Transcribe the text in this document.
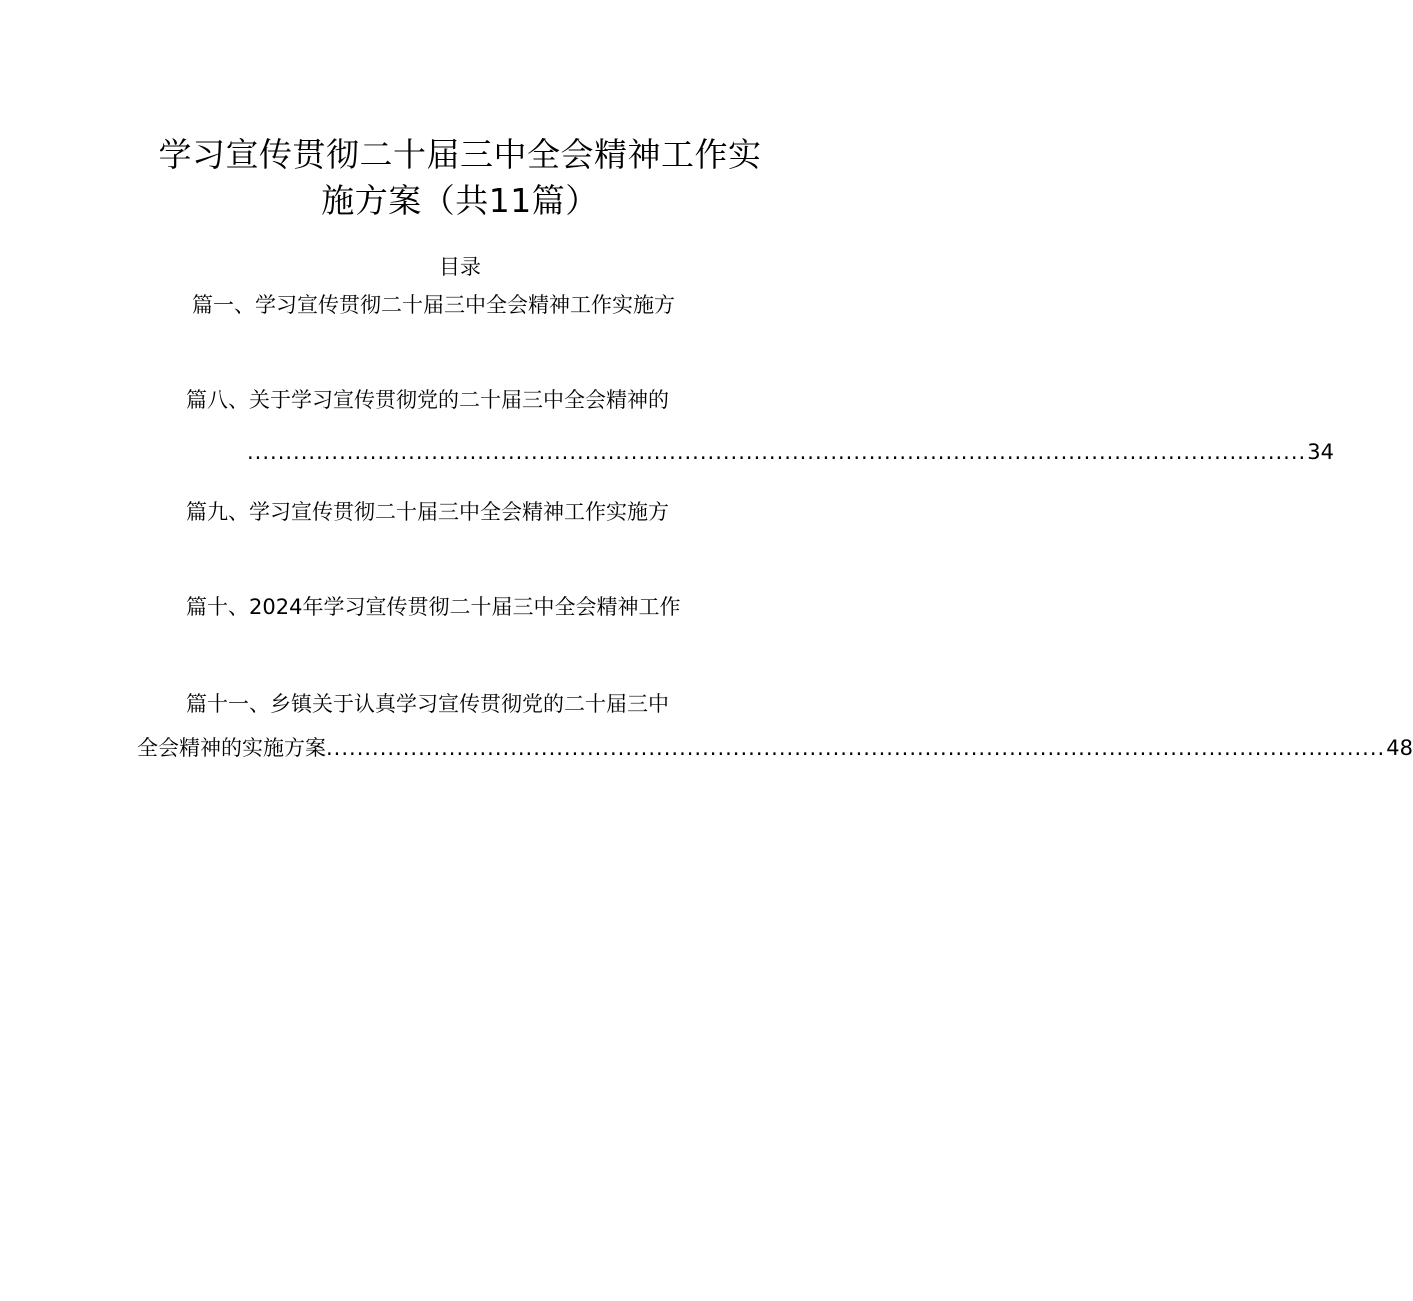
学习宣传贯彻二十届三中全会精神工作实
施方案（共11篇）
目录
篇一、学习宣传贯彻二十届三中全会精神工作实施方
篇八、关于学习宣传贯彻党的二十届三中全会精神的
.......................................................................................................................................... 34
篇九、学习宣传贯彻二十届三中全会精神工作实施方
篇十、2024年学习宣传贯彻二十届三中全会精神工作
篇十一、乡镇关于认真学习宣传贯彻党的二十届三中
全会精神的实施方案 .......................................................................................................................................... 48
